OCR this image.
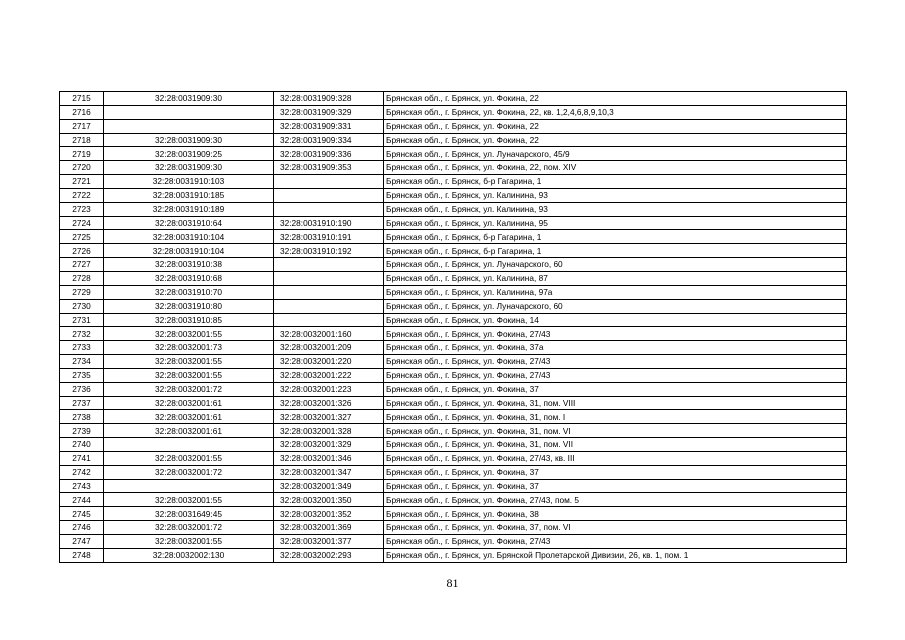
2715	32:28:0031909:30	32:28:0031909:328	Брянская обл., г. Брянск, ул. Фокина, 22
2716		32:28:0031909:329	Брянская обл., г. Брянск, ул. Фокина, 22, кв. 1,2,4,6,8,9,10,3
2717		32:28:0031909:331	Брянская обл., г. Брянск, ул. Фокина, 22
2718	32:28:0031909:30	32:28:0031909:334	Брянская обл., г. Брянск, ул. Фокина, 22
2719	32:28:0031909:25	32:28:0031909:336	Брянская обл., г. Брянск, ул. Луначарского, 45/9
2720	32:28:0031909:30	32:28:0031909:353	Брянская обл., г. Брянск, ул. Фокина, 22, пом. XIV
2721	32:28:0031910:103		Брянская обл., г. Брянск, б-р Гагарина, 1
2722	32:28:0031910:185		Брянская обл., г. Брянск, ул. Калинина, 93
2723	32:28:0031910:189		Брянская обл., г. Брянск, ул. Калинина, 93
2724	32:28:0031910:64	32:28:0031910:190	Брянская обл., г. Брянск, ул. Калинина, 95
2725	32:28:0031910:104	32:28:0031910:191	Брянская обл., г. Брянск, б-р Гагарина, 1
2726	32:28:0031910:104	32:28:0031910:192	Брянская обл., г. Брянск, б-р Гагарина, 1
2727	32:28:0031910:38		Брянская обл., г. Брянск, ул. Луначарского, 60
2728	32:28:0031910:68		Брянская обл., г. Брянск, ул. Калинина, 87
2729	32:28:0031910:70		Брянская обл., г. Брянск, ул. Калинина, 97а
2730	32:28:0031910:80		Брянская обл., г. Брянск, ул. Луначарского, 60
2731	32:28:0031910:85		Брянская обл., г. Брянск, ул. Фокина, 14
2732	32:28:0032001:55	32:28:0032001:160	Брянская обл., г. Брянск, ул. Фокина, 27/43
2733	32:28:0032001:73	32:28:0032001:209	Брянская обл., г. Брянск, ул. Фокина, 37а
2734	32:28:0032001:55	32:28:0032001:220	Брянская обл., г. Брянск, ул. Фокина, 27/43
2735	32:28:0032001:55	32:28:0032001:222	Брянская обл., г. Брянск, ул. Фокина, 27/43
2736	32:28:0032001:72	32:28:0032001:223	Брянская обл., г. Брянск, ул. Фокина, 37
2737	32:28:0032001:61	32:28:0032001:326	Брянская обл., г. Брянск, ул. Фокина, 31, пом. VIII
2738	32:28:0032001:61	32:28:0032001:327	Брянская обл., г. Брянск, ул. Фокина, 31, пом. I
2739	32:28:0032001:61	32:28:0032001:328	Брянская обл., г. Брянск, ул. Фокина, 31, пом. VI
2740		32:28:0032001:329	Брянская обл., г. Брянск, ул. Фокина, 31, пом. VII
2741	32:28:0032001:55	32:28:0032001:346	Брянская обл., г. Брянск, ул. Фокина, 27/43, кв. III
2742	32:28:0032001:72	32:28:0032001:347	Брянская обл., г. Брянск, ул. Фокина, 37
2743		32:28:0032001:349	Брянская обл., г. Брянск, ул. Фокина, 37
2744	32:28:0032001:55	32:28:0032001:350	Брянская обл., г. Брянск, ул. Фокина, 27/43, пом. 5
2745	32:28:0031649:45	32:28:0032001:352	Брянская обл., г. Брянск, ул. Фокина, 38
2746	32:28:0032001:72	32:28:0032001:369	Брянская обл., г. Брянск, ул. Фокина, 37, пом. VI
2747	32:28:0032001:55	32:28:0032001:377	Брянская обл., г. Брянск, ул. Фокина, 27/43
2748	32:28:0032002:130	32:28:0032002:293	Брянская обл., г. Брянск, ул. Брянской Пролетарской Дивизии, 26, кв. 1, пом. 1
81
